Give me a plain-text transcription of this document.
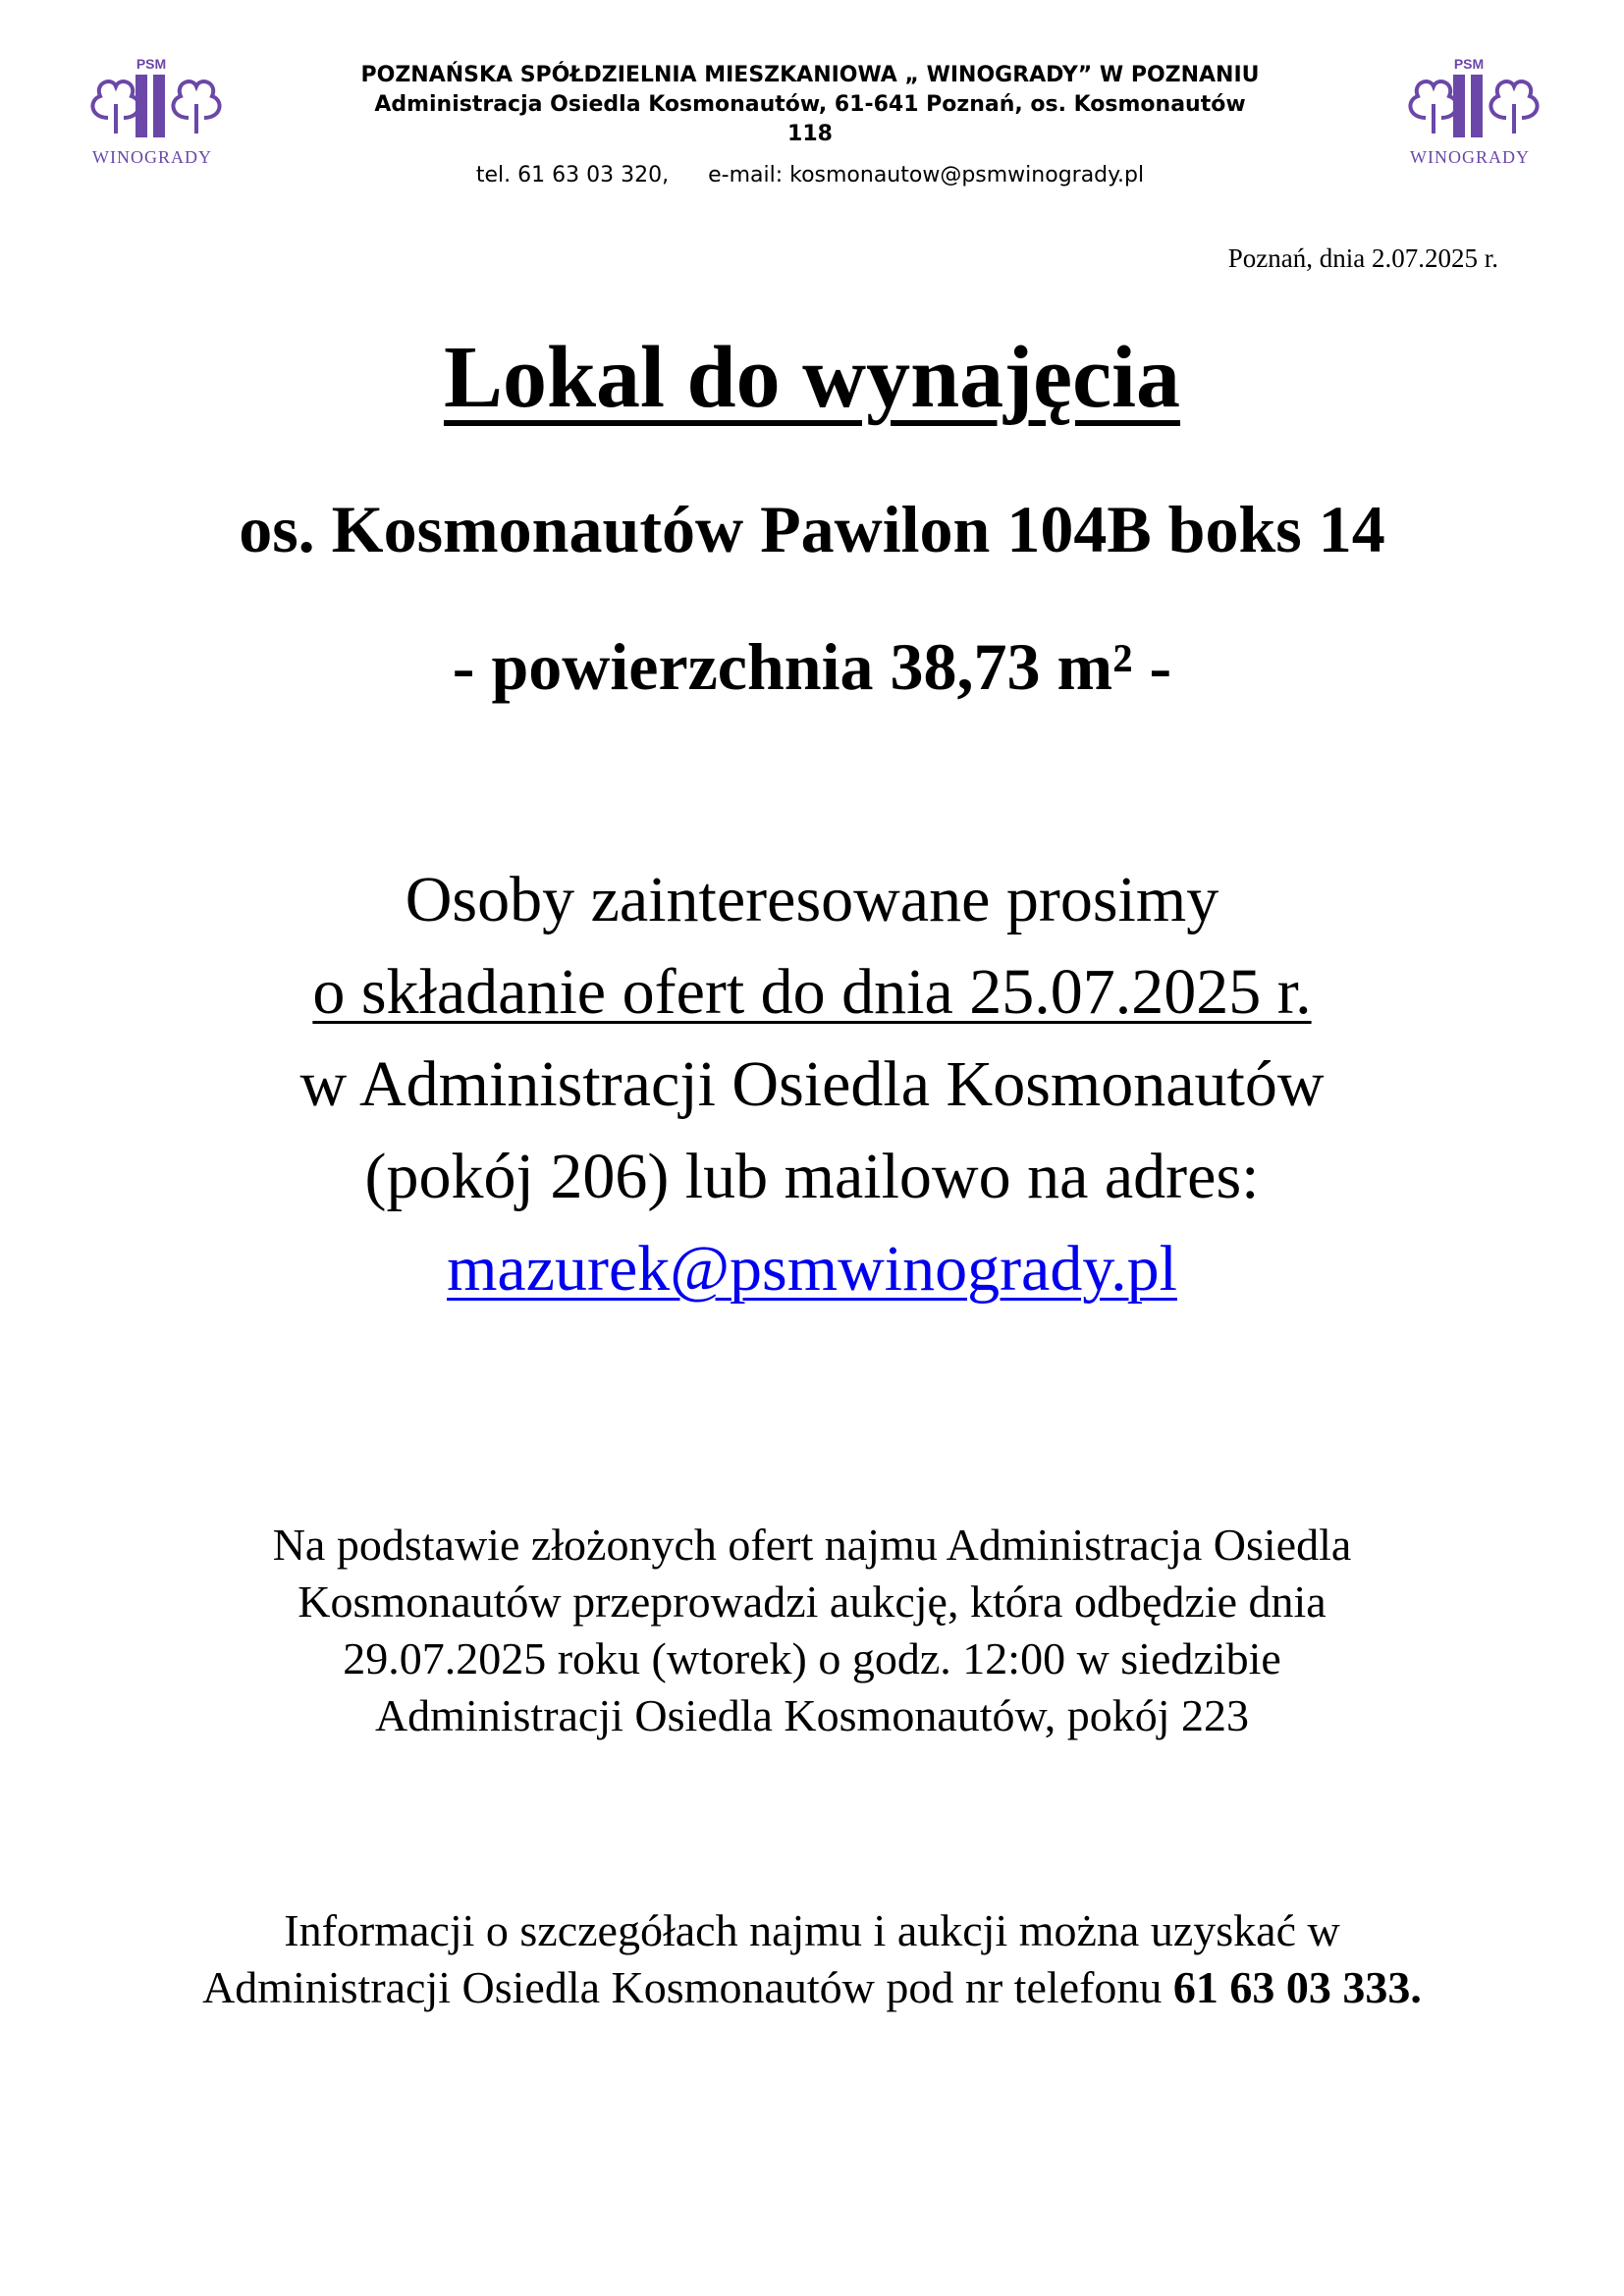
PSM
WINOGRADY
PSM
WINOGRADY
POZNAŃSKA SPÓŁDZIELNIA MIESZKANIOWA „ WINOGRADY” W POZNANIU
Administracja Osiedla Kosmonautów, 61-641 Poznań, os. Kosmonautów
118
tel. 61 63 03 320, e-mail: kosmonautow@psmwinogrady.pl
Poznań, dnia 2.07.2025 r.
Lokal do wynajęcia
os. Kosmonautów Pawilon 104B boks 14
- powierzchnia 38,73 m² -
Osoby zainteresowane prosimy
o składanie ofert do dnia 25.07.2025 r.
w Administracji Osiedla Kosmonautów
(pokój 206) lub mailowo na adres:
mazurek@psmwinogrady.pl
Na podstawie złożonych ofert najmu Administracja Osiedla
Kosmonautów przeprowadzi aukcję, która odbędzie dnia
29.07.2025 roku (wtorek) o godz. 12:00 w siedzibie
Administracji Osiedla Kosmonautów, pokój 223
Informacji o szczegółach najmu i aukcji można uzyskać w
Administracji Osiedla Kosmonautów pod nr telefonu 61 63 03 333.
